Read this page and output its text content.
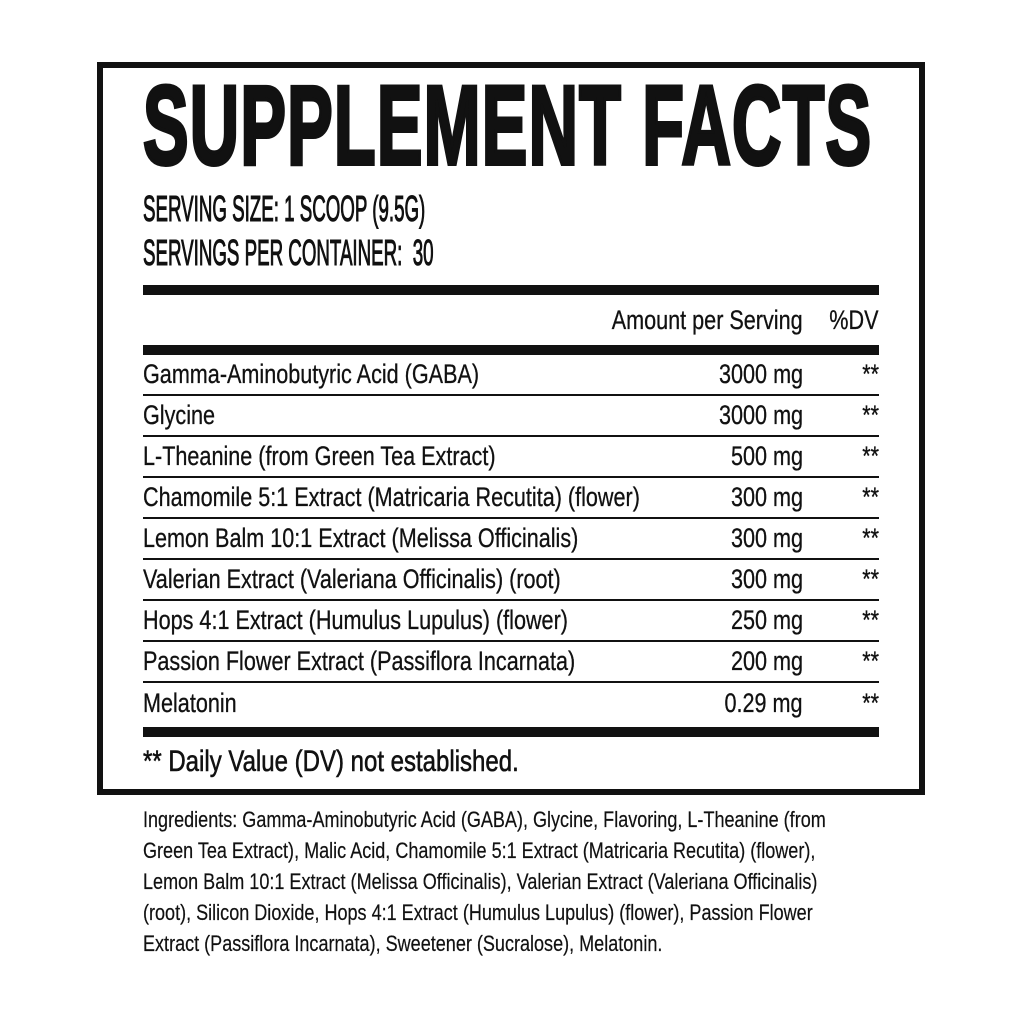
SUPPLEMENT FACTS
SERVING SIZE: 1 SCOOP (9.5G)
SERVINGS PER CONTAINER:  30
Amount per Serving %DV
Gamma-Aminobutyric Acid (GABA)	3000 mg **
Glycine	3000 mg **
L-Theanine (from Green Tea Extract)	500 mg **
Chamomile 5:1 Extract (Matricaria Recutita) (flower)	300 mg **
Lemon Balm 10:1 Extract (Melissa Officinalis)	300 mg **
Valerian Extract (Valeriana Officinalis) (root)	300 mg **
Hops 4:1 Extract (Humulus Lupulus) (flower)	250 mg **
Passion Flower Extract (Passiflora Incarnata)	200 mg **
Melatonin	0.29 mg **
** Daily Value (DV) not established.
Ingredients: Gamma-Aminobutyric Acid (GABA), Glycine, Flavoring, L-Theanine (from
Green Tea Extract), Malic Acid, Chamomile 5:1 Extract (Matricaria Recutita) (flower),
Lemon Balm 10:1 Extract (Melissa Officinalis), Valerian Extract (Valeriana Officinalis)
(root), Silicon Dioxide, Hops 4:1 Extract (Humulus Lupulus) (flower), Passion Flower
Extract (Passiflora Incarnata), Sweetener (Sucralose), Melatonin.
